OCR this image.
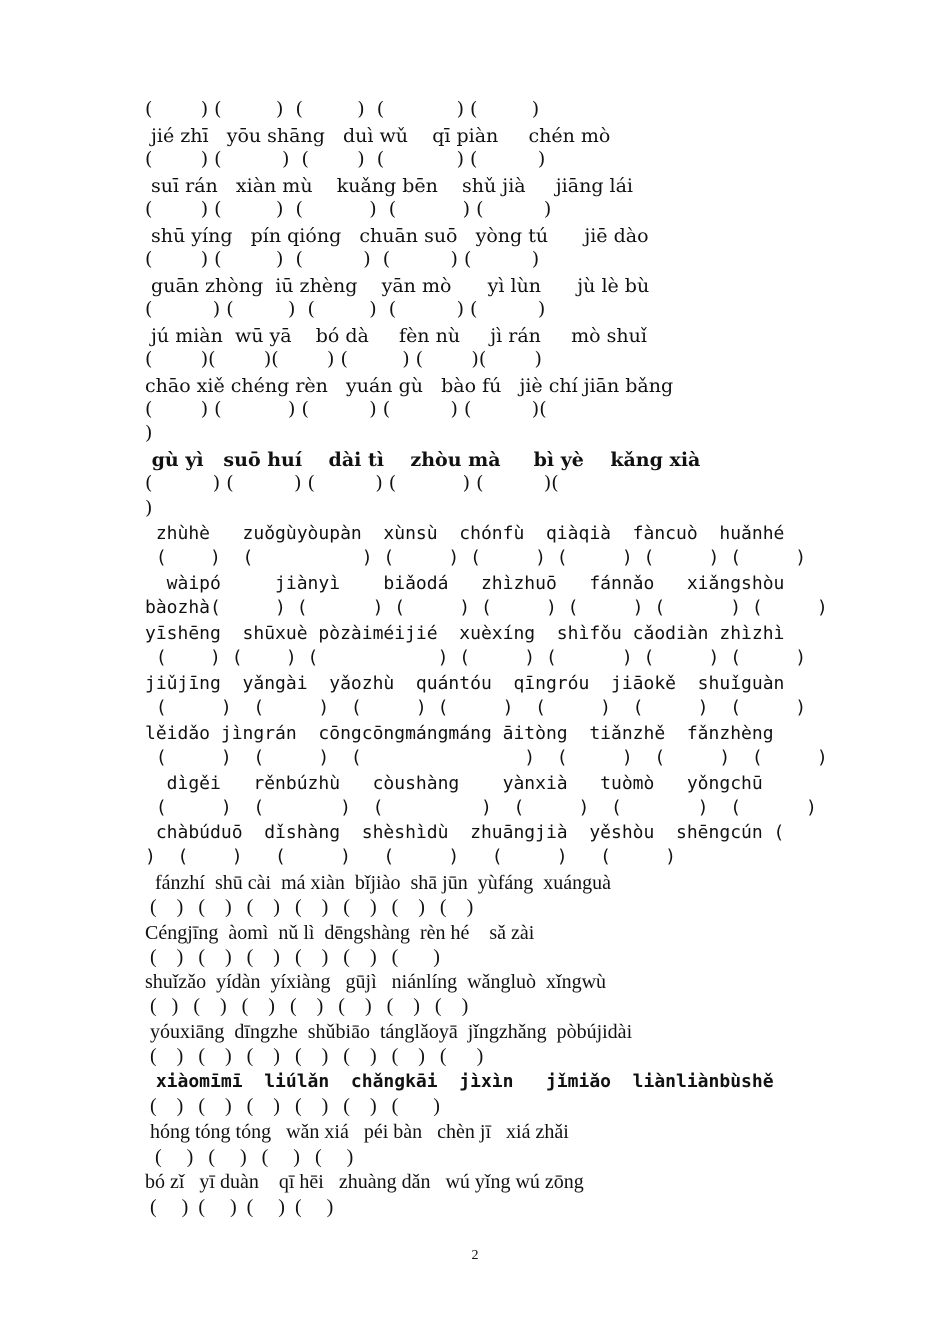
(        ) (         )  (         )  (            ) (         )
jié zhī   yōu shāng   duì wǔ    qī piàn     chén mò
(        ) (          )  (        )  (            ) (          )
suī rán   xiàn mù    kuǎng bēn    shǔ jià     jiāng lái
(        ) (         )  (           )  (           ) (          )
shū yíng   pín qióng   chuān suō   yòng tú      jiē dào
(        ) (         )  (          )  (          ) (          )
guān zhòng  iū zhèng    yān mò      yì lùn      jù lè bù
(          ) (         )  (         )  (          ) (          )
jú miàn  wū yā    bó dà     fèn nù     jì rán     mò shuǐ
(        )(        )(        ) (         ) (        )(        )
chāo xiě chéng rèn   yuán gù   bào fú   jiè chí jiān bǎng
(        ) (           ) (          ) (          ) (          )(
)
gù yì   suō huí    dài tì    zhòu mà     bì yè    kǎng xià
(          ) (          ) (          ) (           ) (          )(
)
zhùhè   zuǒgùyòupàn  xùnsù  chónfù  qiàqià  fàncuò  huǎnhé
(    )  (          ) (     ) (     ) (     ) (     ) (     )
wàipó     jiànyì    biǎodá   zhìzhuō   fánnǎo   xiǎngshòu
bàozhà(     ) (      ) (     ) (     ) (     ) (      ) (     )
yīshēng  shūxuè pòzàiméijié  xuèxíng  shìfǒu cǎodiàn zhìzhì
(    ) (    ) (           ) (     ) (      ) (     ) (     )
jiǔjīng  yǎngài  yǎozhù  quántóu  qīngróu  jiāokě  shuǐguàn
(     )  (     )  (     ) (     )  (     )  (     )  (     )
lěidǎo jìngrán  cōngcōngmángmáng āitòng  tiǎnzhě  fǎnzhèng
(     )  (     )  (               )  (     )  (     )  (     )
dìgěi   rěnbúzhù   còushàng    yànxià   tuòmò   yǒngchū
(     )  (       )  (         )  (     )  (       )  (      )
chàbúduō  dǐshàng  shèshìdù  zhuāngjià  yěshòu  shēngcún (
)  (    )   (     )   (     )   (     )   (     )
fánzhí  shū cài  má xiàn  bǐjiào  shā jūn  yùfáng  xuánguà
(    )   (    )   (    )   (    )   (    )   (    )   (    )
Céngjīng  àomì  nǔ lì  dēngshàng  rèn hé    sǎ zài
(    )   (    )   (    )   (    )   (    )   (       )
shuǐzǎo  yídàn  yíxiàng   gūjì   niánlíng  wǎngluò  xǐngwù
(   )   (    )   (    )   (    )   (    )   (    )   (    )
yóuxiāng  dīngzhe  shǔbiāo  tánglǎoyā  jǐngzhǎng  pòbújidài
(    )   (    )   (    )   (    )   (    )   (    )   (      )
xiàomīmī  liúlǎn  chǎngkāi  jìxìn   jǐmiǎo  liànliànbùshě
(    )   (    )   (    )   (    )   (    )   (       )
hóng tóng tóng   wǎn xiá   péi bàn   chèn jī   xiá zhǎi
(     )   (     )   (     )   (     )
bó zǐ   yī duàn    qī hēi   zhuàng dǎn   wú yǐng wú zōng
(     )  (     )  (     )  (     )
2
